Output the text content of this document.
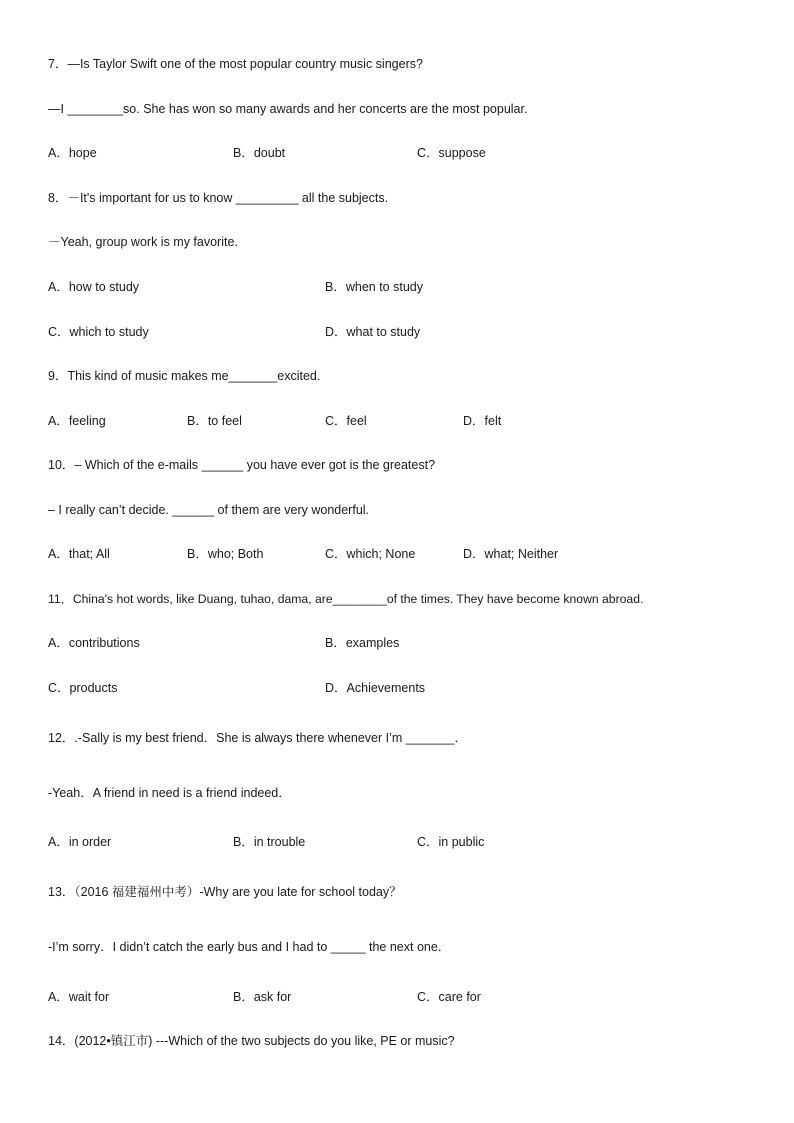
7．—Is Taylor Swift one of the most popular country music singers?
—I ________so. She has won so many awards and her concerts are the most popular.
A．hope	B．doubt	C．suppose
8．－It's important for us to know _________ all the subjects.
－Yeah, group work is my favorite.
A．how to study	B．when to study
C．which to study	D．what to study
9．This kind of music makes me_______excited.
A．feeling	B．to feel	C．feel	D．felt
10．– Which of the e-mails ______ you have ever got is the greatest?
– I really can’t decide. ______ of them are very wonderful.
A．that; All	B．who; Both	C．which; None	D．what; Neither
11．China's hot words, like Duang, tuhao, dama, are________of the times. They have become known abroad.
A．contributions	B．examples
C．products	D．Achievements
12．.-Sally is my best friend．She is always there whenever I’m _______．
-Yeah．A friend in need is a friend indeed．
A．in order	B．in trouble	C．in public
13．（2016 福建福州中考）-Why are you late for school today？
-I’m sorry．I didn’t catch the early bus and I had to _____ the next one．
A．wait for	B．ask for	C．care for
14．(2012•镇江市) ---Which of the two subjects do you like, PE or music?
